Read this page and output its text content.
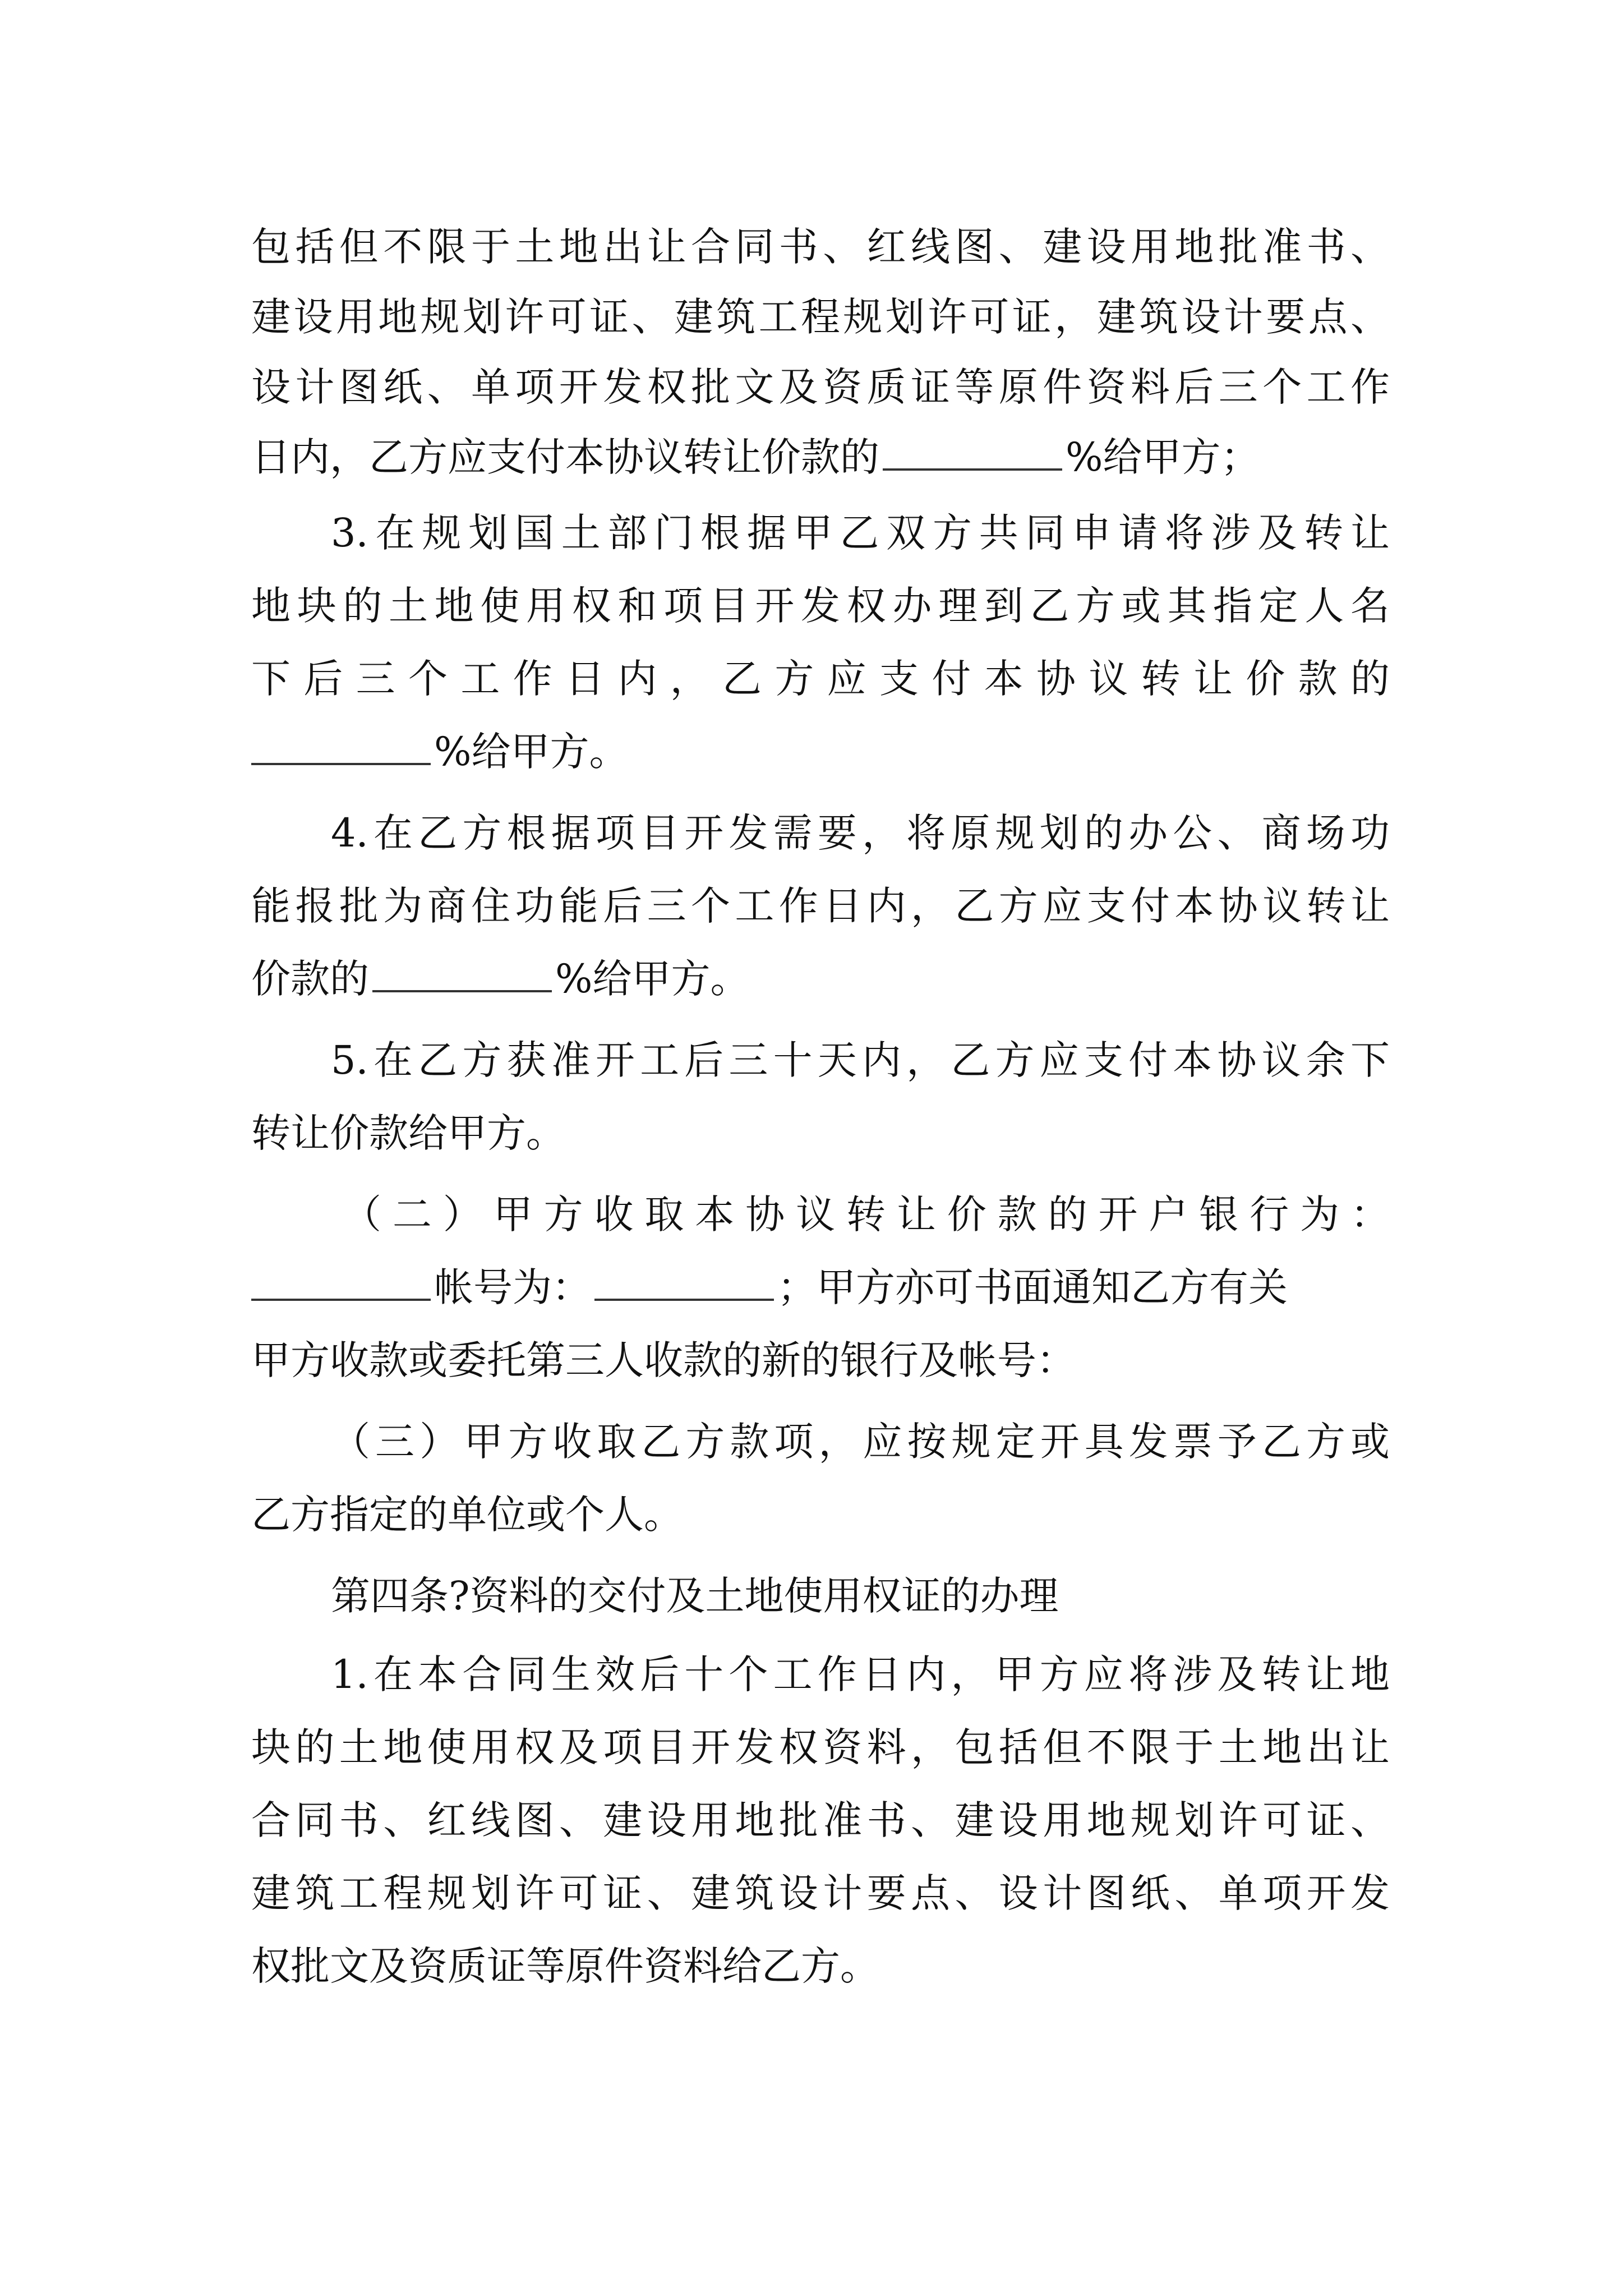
包括但不限于土地出让合同书、红线图、建设用地批准书、
建设用地规划许可证、建筑工程规划许可证，建筑设计要点、
设计图纸、单项开发权批文及资质证等原件资料后三个工作
日内，乙方应支付本协议转让价款的	%给甲方；
3.在规划国土部门根据甲乙双方共同申请将涉及转让
地块的土地使用权和项目开发权办理到乙方或其指定人名
下后三个工作日内，乙方应支付本协议转让价款的
%给甲方。
4.在乙方根据项目开发需要，将原规划的办公、商场功
能报批为商住功能后三个工作日内，乙方应支付本协议转让
价款的	%给甲方。
5.在乙方获准开工后三十天内，乙方应支付本协议余下
转让价款给甲方。
（二）甲方收取本协议转让价款的开户银行为：
帐号为：	；甲方亦可书面通知乙方有关
甲方收款或委托第三人收款的新的银行及帐号：
（三）甲方收取乙方款项，应按规定开具发票予乙方或
乙方指定的单位或个人。
第四条?资料的交付及土地使用权证的办理
1.在本合同生效后十个工作日内，甲方应将涉及转让地
块的土地使用权及项目开发权资料，包括但不限于土地出让
合同书、红线图、建设用地批准书、建设用地规划许可证、
建筑工程规划许可证、建筑设计要点、设计图纸、单项开发
权批文及资质证等原件资料给乙方。
